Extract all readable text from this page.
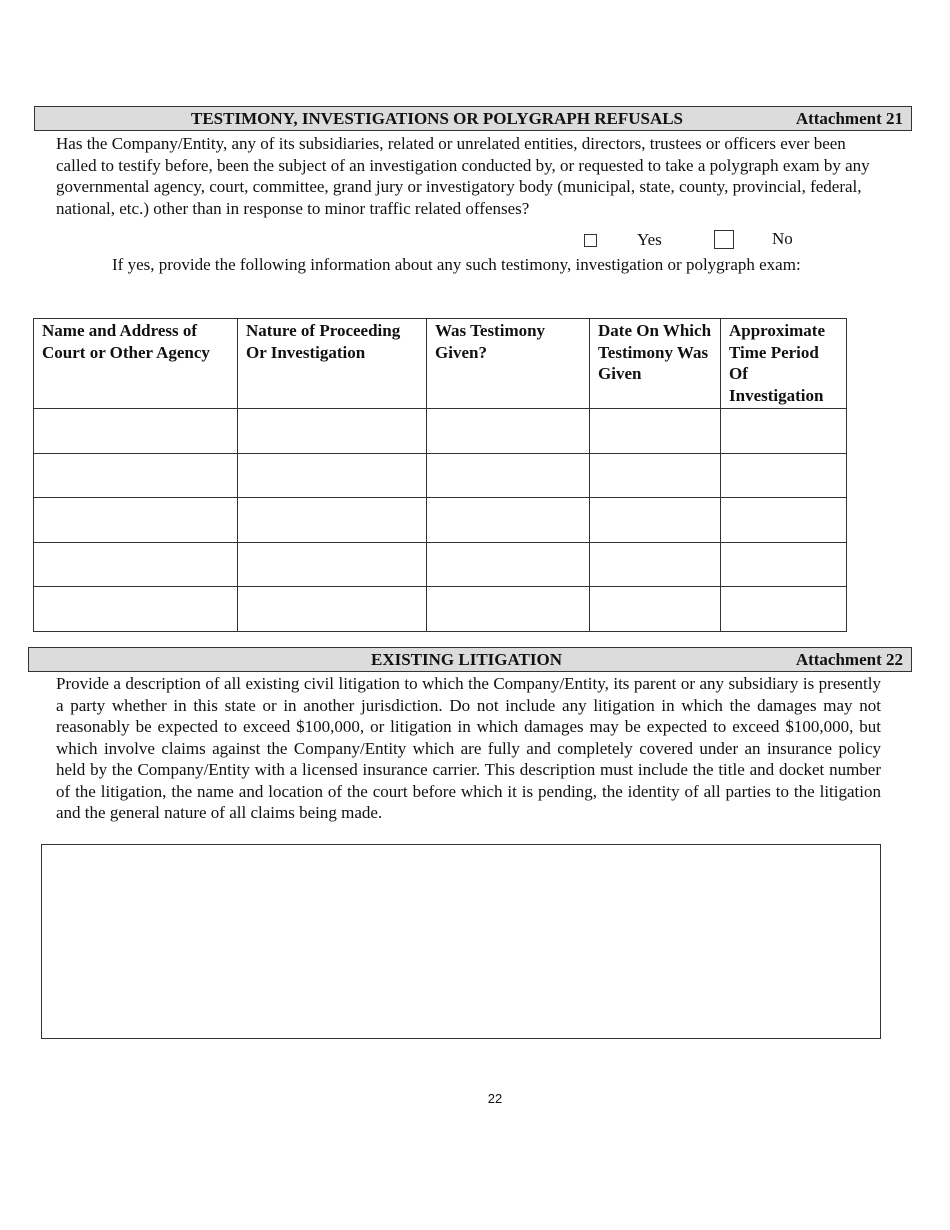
TESTIMONY, INVESTIGATIONS OR POLYGRAPH REFUSALS	Attachment 21
Has the Company/Entity, any of its subsidiaries, related or unrelated entities, directors, trustees or officers ever been called to testify before, been the subject of an investigation conducted by, or requested to take a polygraph exam by any governmental agency, court, committee, grand jury or investigatory body (municipal, state, county, provincial, federal, national, etc.) other than in response to minor traffic related offenses?
Yes	No
If yes, provide the following information about any such testimony, investigation or polygraph exam:
Name and Address of Court or Other Agency	Nature of Proceeding Or Investigation	Was Testimony Given?	Date On Which Testimony Was Given	Approximate Time Period Of Investigation

EXISTING LITIGATION	Attachment 22
Provide a description of all existing civil litigation to which the Company/Entity, its parent or any subsidiary is presently a party whether in this state or in another jurisdiction. Do not include any litigation in which the damages may not reasonably be expected to exceed $100,000, or litigation in which damages may be expected to exceed $100,000, but which involve claims against the Company/Entity which are fully and completely covered under an insurance policy held by the Company/Entity with a licensed insurance carrier. This description must include the title and docket number of the litigation, the name and location of the court before which it is pending, the identity of all parties to the litigation and the general nature of all claims being made.
22
